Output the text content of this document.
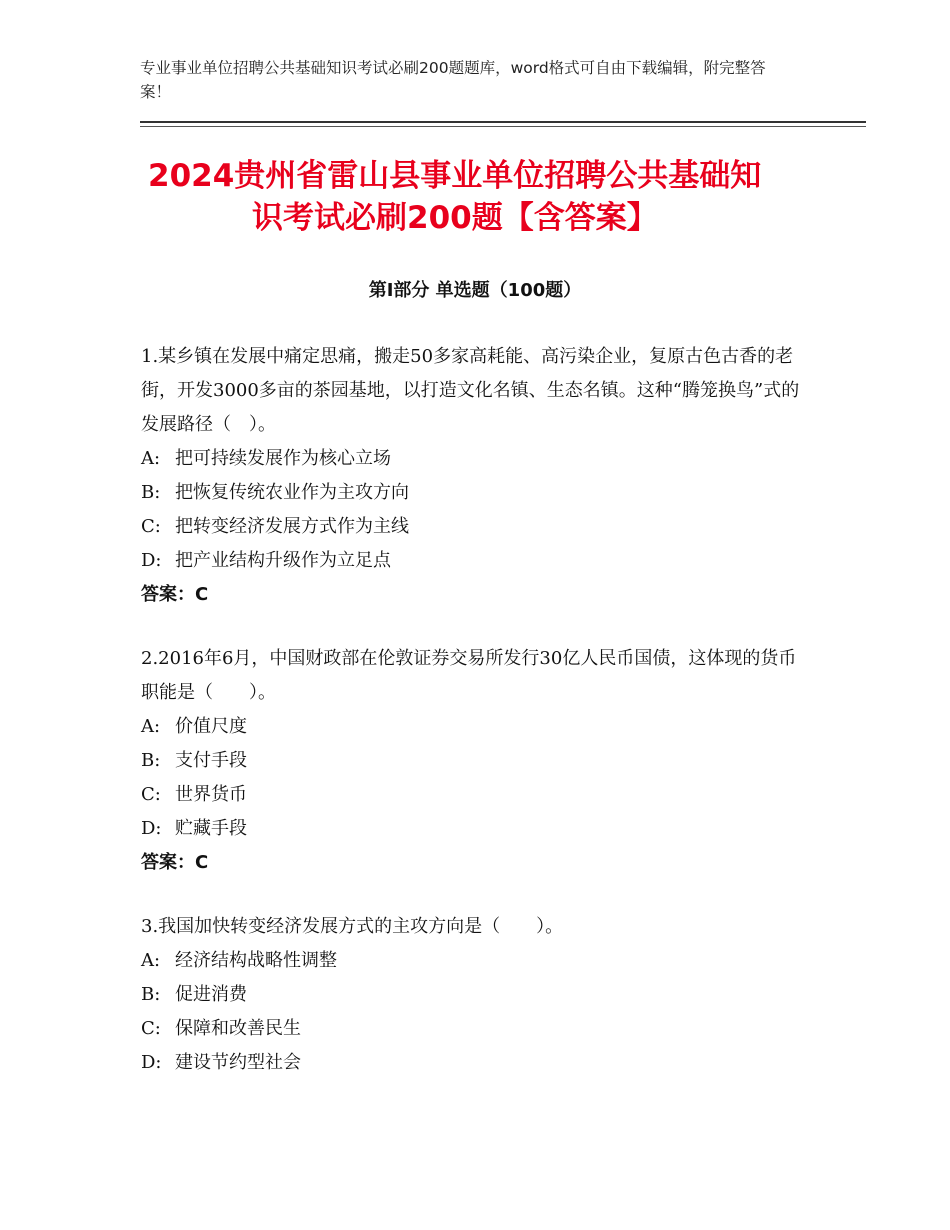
专业事业单位招聘公共基础知识考试必刷200题题库，word格式可自由下载编辑，附完整答案！
2024贵州省雷山县事业单位招聘公共基础知
识考试必刷200题【含答案】
第Ⅰ部分 单选题（100题）
1.某乡镇在发展中痛定思痛，搬走50多家高耗能、高污染企业，复原古色古香的老街，开发3000多亩的茶园基地，以打造文化名镇、生态名镇。这种“腾笼换鸟”式的发展路径（　）。
A: 把可持续发展作为核心立场
B: 把恢复传统农业作为主攻方向
C: 把转变经济发展方式作为主线
D: 把产业结构升级作为立足点
答案：C
2.2016年6月，中国财政部在伦敦证券交易所发行30亿人民币国债，这体现的货币职能是（　　）。
A: 价值尺度
B: 支付手段
C: 世界货币
D: 贮藏手段
答案：C
3.我国加快转变经济发展方式的主攻方向是（　　）。
A: 经济结构战略性调整
B: 促进消费
C: 保障和改善民生
D: 建设节约型社会
